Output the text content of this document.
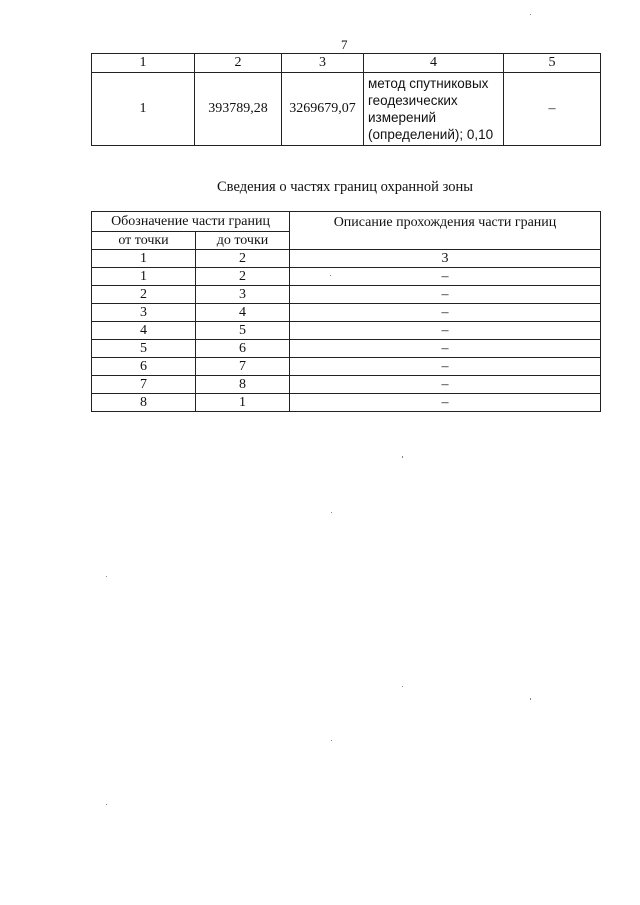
7
1	2	3	4	5
1	393789,28	3269679,07	метод спутниковых
геодезических
измерений
(определений); 0,10	–
Сведения о частях границ охранной зоны
Обозначение части границ		Описание прохождения части границ
от точки	до точки	
1	2	3
1	2	–
2	3	–
3	4	–
4	5	–
5	6	–
6	7	–
7	8	–
8	1	–
